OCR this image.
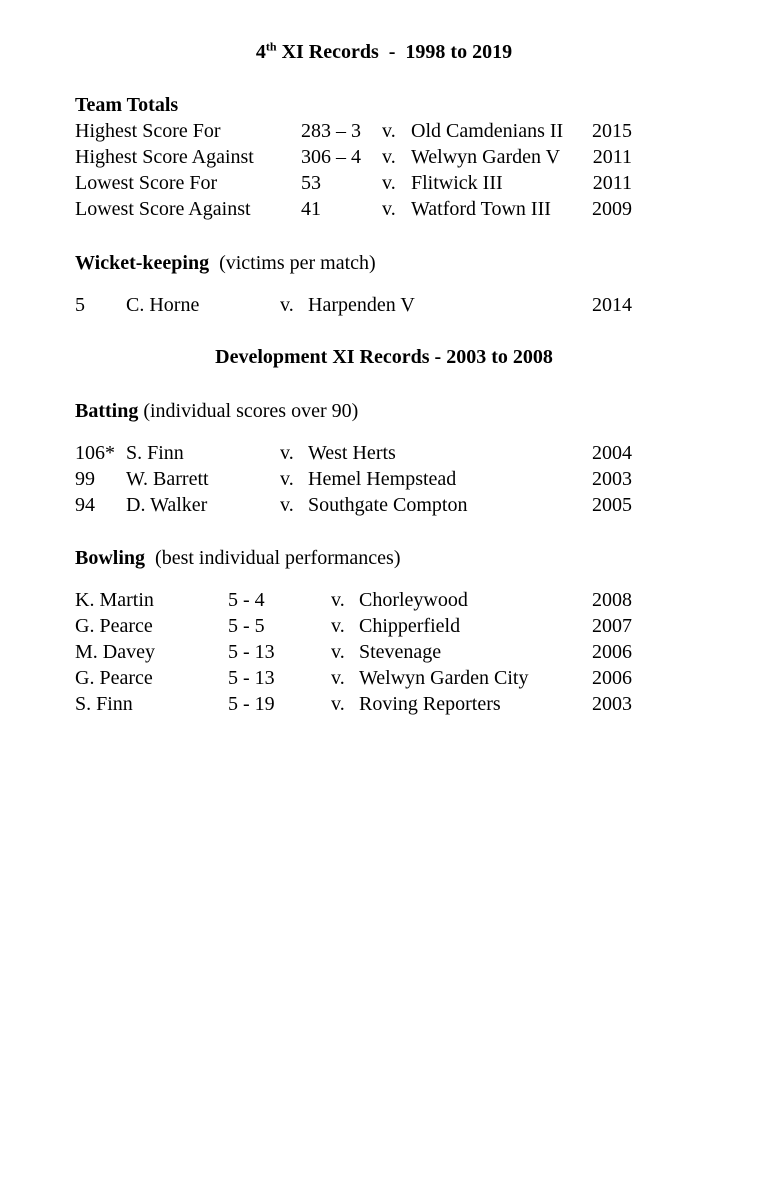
4th XI Records  -  1998 to 2019
Team Totals
Highest Score For	283 – 3 v. Old Camdenians II	2015
Highest Score Against 306 – 4 v. Welwyn Garden V	2011
Lowest Score For	53	v. Flitwick III	2011
Lowest Score Against	41	v. Watford Town III	2009
Wicket-keeping (victims per match)
5 C. Horne	v. Harpenden V	2014
Development XI Records - 2003 to 2008
Batting (individual scores over 90)
106* S. Finn	v. West Herts	2004
99 W. Barrett	v. Hemel Hempstead	2003
94 D. Walker	v. Southgate Compton	2005
Bowling (best individual performances)
K. Martin	5 - 4	v. Chorleywood	2008
G. Pearce	5 - 5	v. Chipperfield	2007
M. Davey	5 - 13	v. Stevenage	2006
G. Pearce	5 - 13	v. Welwyn Garden City	2006
S. Finn	5 - 19	v. Roving Reporters	2003
